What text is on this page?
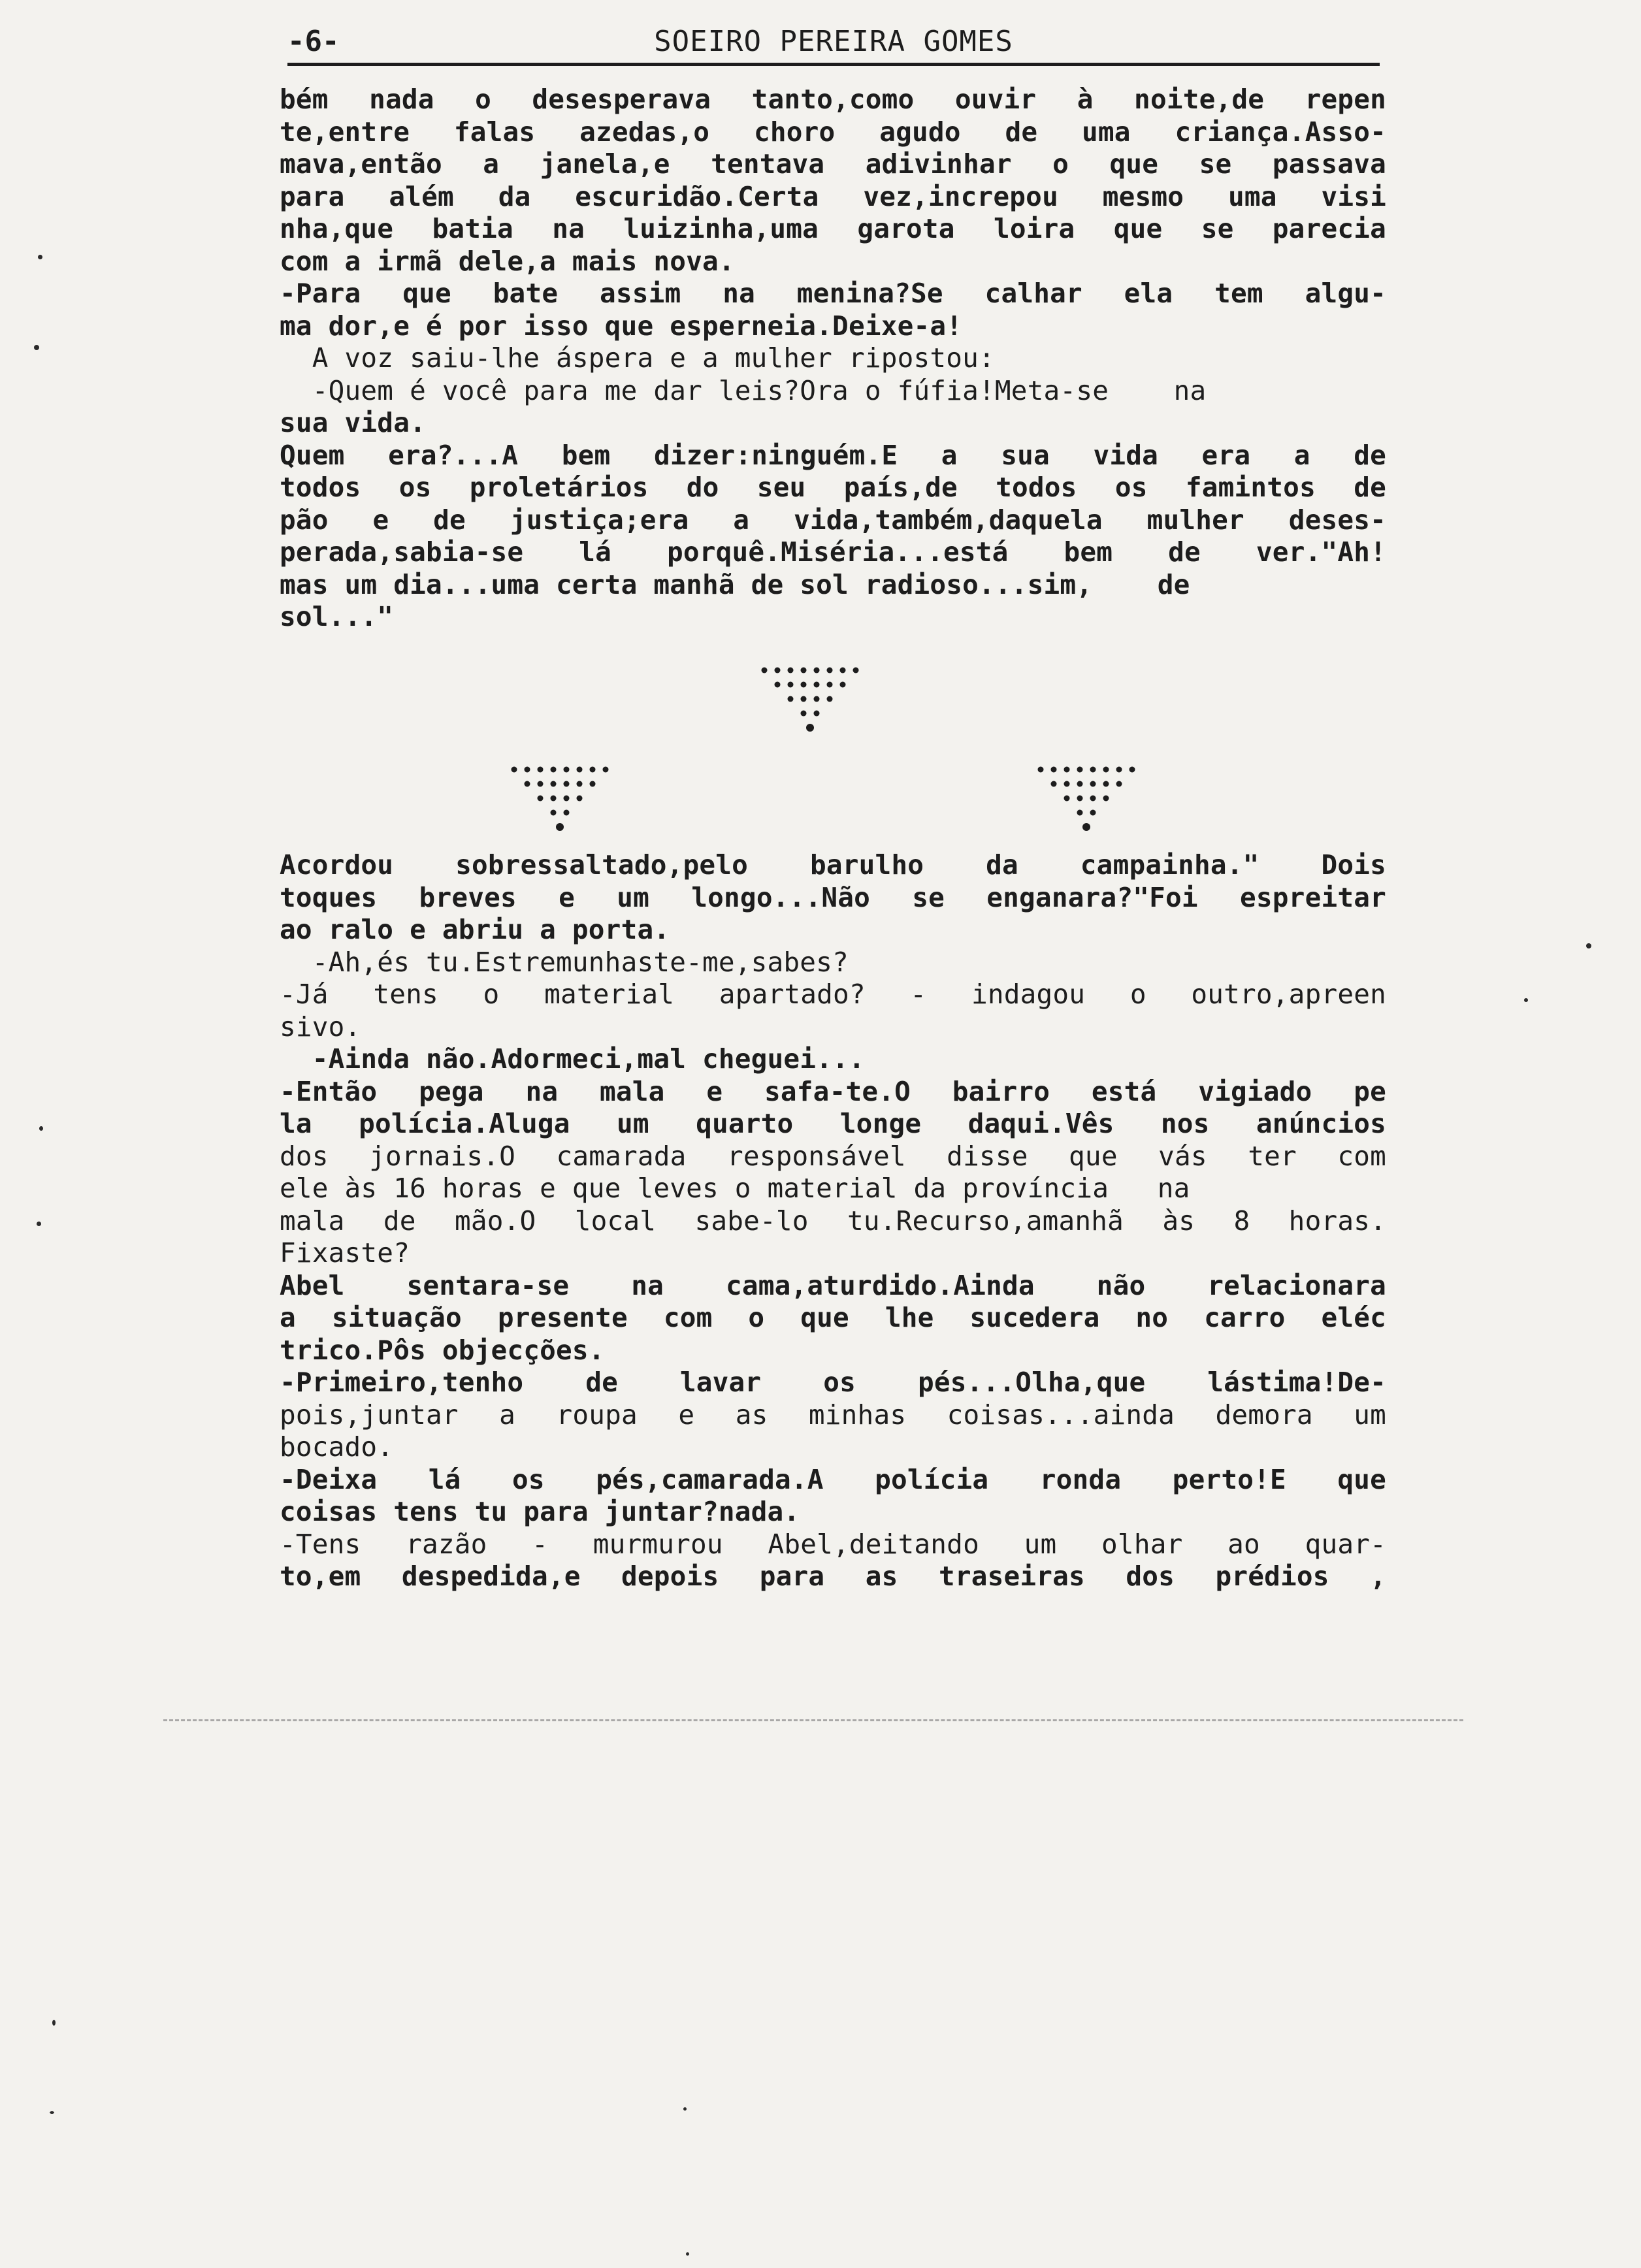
-6-	SOEIRO PEREIRA GOMES
bém nada o desesperava tanto,como ouvir à noite,de repen
te,entre falas azedas,o choro agudo de uma criança.Asso-
mava,então a janela,e tentava adivinhar o que se passava
para além da escuridão.Certa vez,increpou mesmo uma visi
nha,que batia na luizinha,uma garota loira que se parecia
com a irmã dele,a mais nova.
-Para que bate assim na menina?Se calhar ela tem algu-
ma dor,e é por isso que esperneia.Deixe-a!
A voz saiu-lhe áspera e a mulher ripostou:
-Quem é você para me dar leis?Ora o fúfia!Meta-se    na
sua vida.
Quem era?...A bem dizer:ninguém.E a sua vida era a de
todos os proletários do seu país,de todos os famintos de
pão e de justiça;era a vida,também,daquela mulher deses-
perada,sabia-se lá porquê.Miséria...está bem de ver."Ah!
mas um dia...uma certa manhã de sol radioso...sim,    de
sol..."
Acordou sobressaltado,pelo barulho da campainha." Dois
toques breves e um longo...Não se enganara?"Foi espreitar
ao ralo e abriu a porta.
-Ah,és tu.Estremunhaste-me,sabes?
-Já tens o material apartado? - indagou o outro,apreen
sivo.
-Ainda não.Adormeci,mal cheguei...
-Então pega na mala e safa-te.O bairro está vigiado pe
la polícia.Aluga um quarto longe daqui.Vês nos anúncios
dos jornais.O camarada responsável disse que vás ter com
ele às 16 horas e que leves o material da província   na
mala de mão.O local sabe-lo tu.Recurso,amanhã às 8 horas.
Fixaste?
Abel sentara-se na cama,aturdido.Ainda não relacionara
a situação presente com o que lhe sucedera no carro eléc
trico.Pôs objecções.
-Primeiro,tenho de lavar os pés...Olha,que lástima!De-
pois,juntar a roupa e as minhas coisas...ainda demora um
bocado.
-Deixa lá os pés,camarada.A polícia ronda perto!E que
coisas tens tu para juntar?nada.
-Tens razão - murmurou Abel,deitando um olhar ao quar-
to,em despedida,e depois para as traseiras dos prédios ,
